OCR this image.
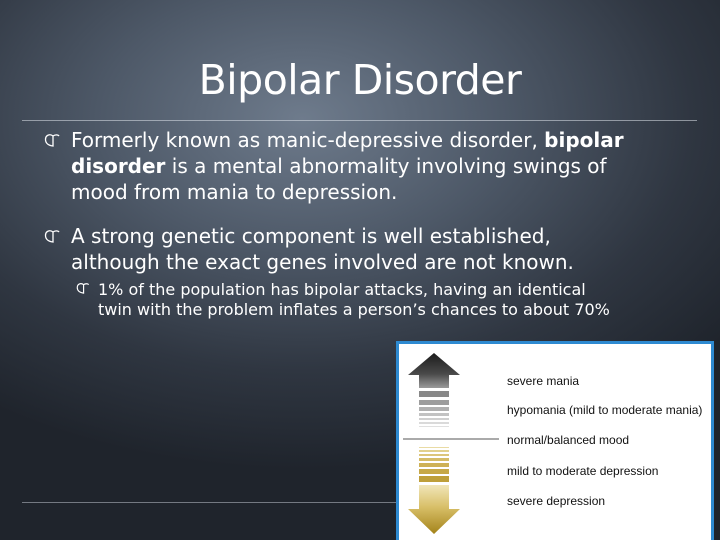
Bipolar Disorder
Formerly known as manic-depressive disorder, bipolar
disorder is a mental abnormality involving swings of
mood from mania to depression.
A strong genetic component is well established,
although the exact genes involved are not known.
1% of the population has bipolar attacks, having an identical
twin with the problem inflates a person’s chances to about 70%
severe mania
hypomania (mild to moderate mania)
normal/balanced mood
mild to moderate depression
severe depression
